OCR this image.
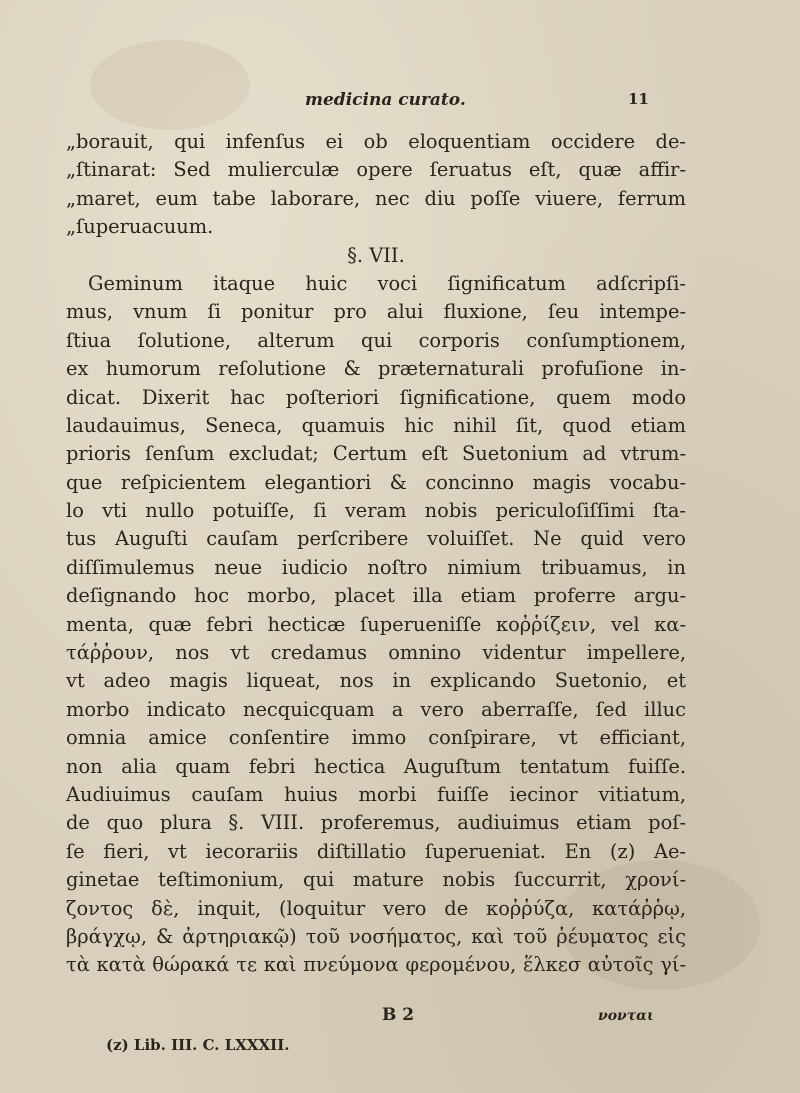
medicina curato.	11
„borauit, qui infenſus ei ob eloquentiam occidere de-
„ſtinarat: Sed mulierculæ opere ſeruatus eſt, quæ affir-
„maret, eum tabe laborare, nec diu poſſe viuere, ferrum
„ſuperuacuum.
§. VII.
Geminum itaque huic voci ſignificatum adſcripſi-
mus, vnum ſi ponitur pro alui fluxione, ſeu intempe-
ſtiua ſolutione, alterum qui corporis conſumptionem,
ex humorum reſolutione & præternaturali profuſione in-
dicat. Dixerit hac poſteriori ſignificatione, quem modo
laudauimus, Seneca, quamuis hic nihil ſit, quod etiam
prioris ſenſum excludat; Certum eſt Suetonium ad vtrum-
que reſpicientem elegantiori & concinno magis vocabu-
lo vti nullo potuiſſe, ſi veram nobis periculoſiſſimi ſta-
tus Auguſti cauſam perſcribere voluiſſet. Ne quid vero
diſſimulemus neue iudicio noſtro nimium tribuamus, in
deſignando hoc morbo, placet illa etiam proferre argu-
menta, quæ febri hecticæ ſuperueniſſe κοῤῥίζειν, vel κα-
τάῤῥουν, nos vt credamus omnino videntur impellere,
vt adeo magis liqueat, nos in explicando Suetonio, et
morbo indicato necquicquam a vero aberraſſe, ſed illuc
omnia amice conſentire immo conſpirare, vt efficiant,
non alia quam febri hectica Auguſtum tentatum fuiſſe.
Audiuimus cauſam huius morbi fuiſſe iecinor vitiatum,
de quo plura §. VIII. proferemus, audiuimus etiam poſ-
ſe fieri, vt iecorariis diſtillatio ſuperueniat. En (z) Ae-
ginetae teſtimonium, qui mature nobis ſuccurrit, χρονί-
ζοντος δὲ, inquit, (loquitur vero de κοῤῥύζα, κατάῤῥῳ,
βράγχῳ, & ἀρτηριακῷ) τοῦ νοσήματος, καὶ τοῦ ῥέυματος εἰς
τὰ κατὰ θώρακά τε καὶ πνεύμονα φερομένου, ἕλκεσ αὐτοῖς γί-
B 2	νονται
(z) Lib. III. C. LXXXII.
